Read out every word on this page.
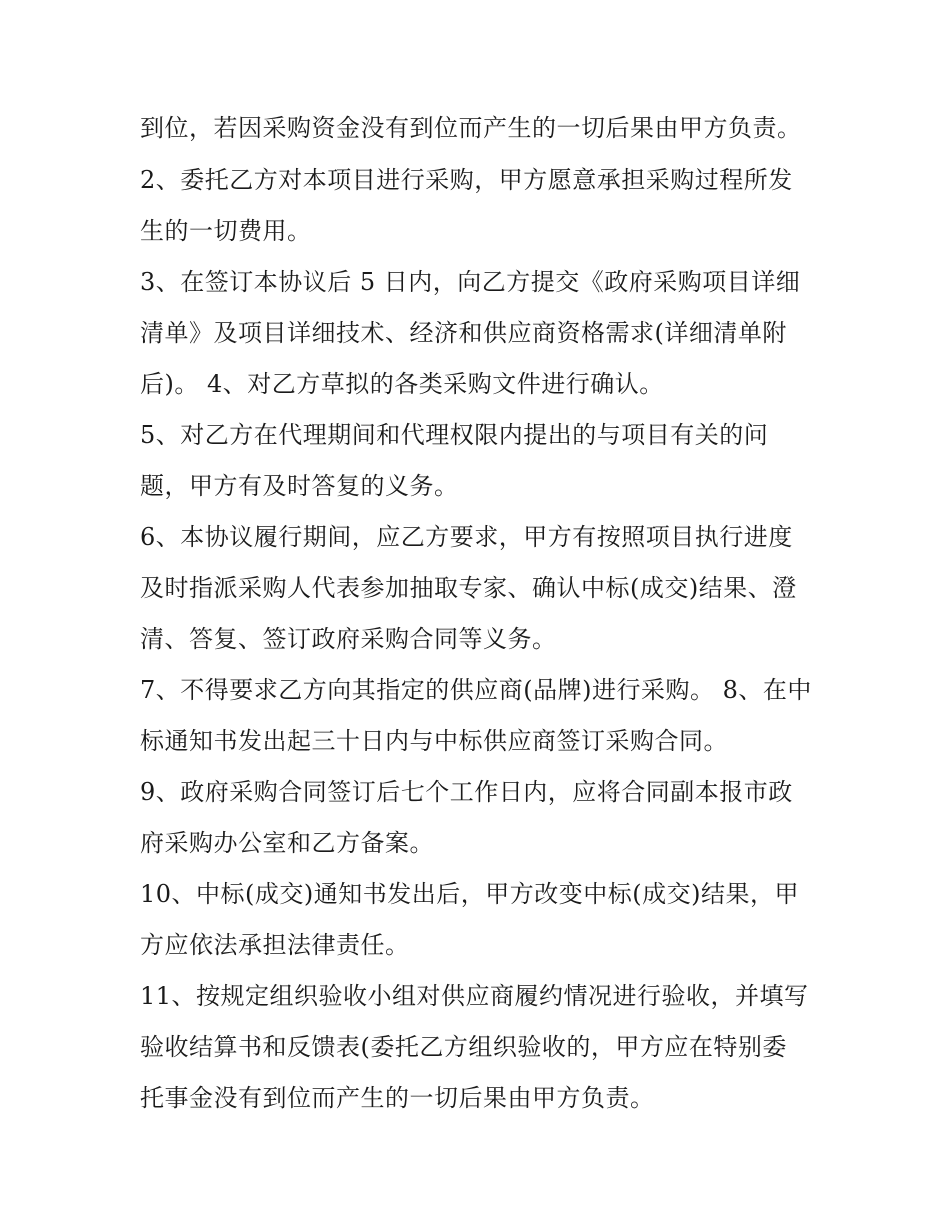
到位，若因采购资金没有到位而产生的一切后果由甲方负责。

2、委托乙方对本项目进行采购，甲方愿意承担采购过程所发

生的一切费用。

3、在签订本协议后 5 日内，向乙方提交《政府采购项目详细

清单》及项目详细技术、经济和供应商资格需求(详细清单附

后)。 4、对乙方草拟的各类采购文件进行确认。

5、对乙方在代理期间和代理权限内提出的与项目有关的问

题，甲方有及时答复的义务。

6、本协议履行期间，应乙方要求，甲方有按照项目执行进度

及时指派采购人代表参加抽取专家、确认中标(成交)结果、澄

清、答复、签订政府采购合同等义务。

7、不得要求乙方向其指定的供应商(品牌)进行采购。 8、在中

标通知书发出起三十日内与中标供应商签订采购合同。

9、政府采购合同签订后七个工作日内，应将合同副本报市政

府采购办公室和乙方备案。

10、中标(成交)通知书发出后，甲方改变中标(成交)结果，甲

方应依法承担法律责任。

11、按规定组织验收小组对供应商履约情况进行验收，并填写

验收结算书和反馈表(委托乙方组织验收的，甲方应在特别委

托事金没有到位而产生的一切后果由甲方负责。
